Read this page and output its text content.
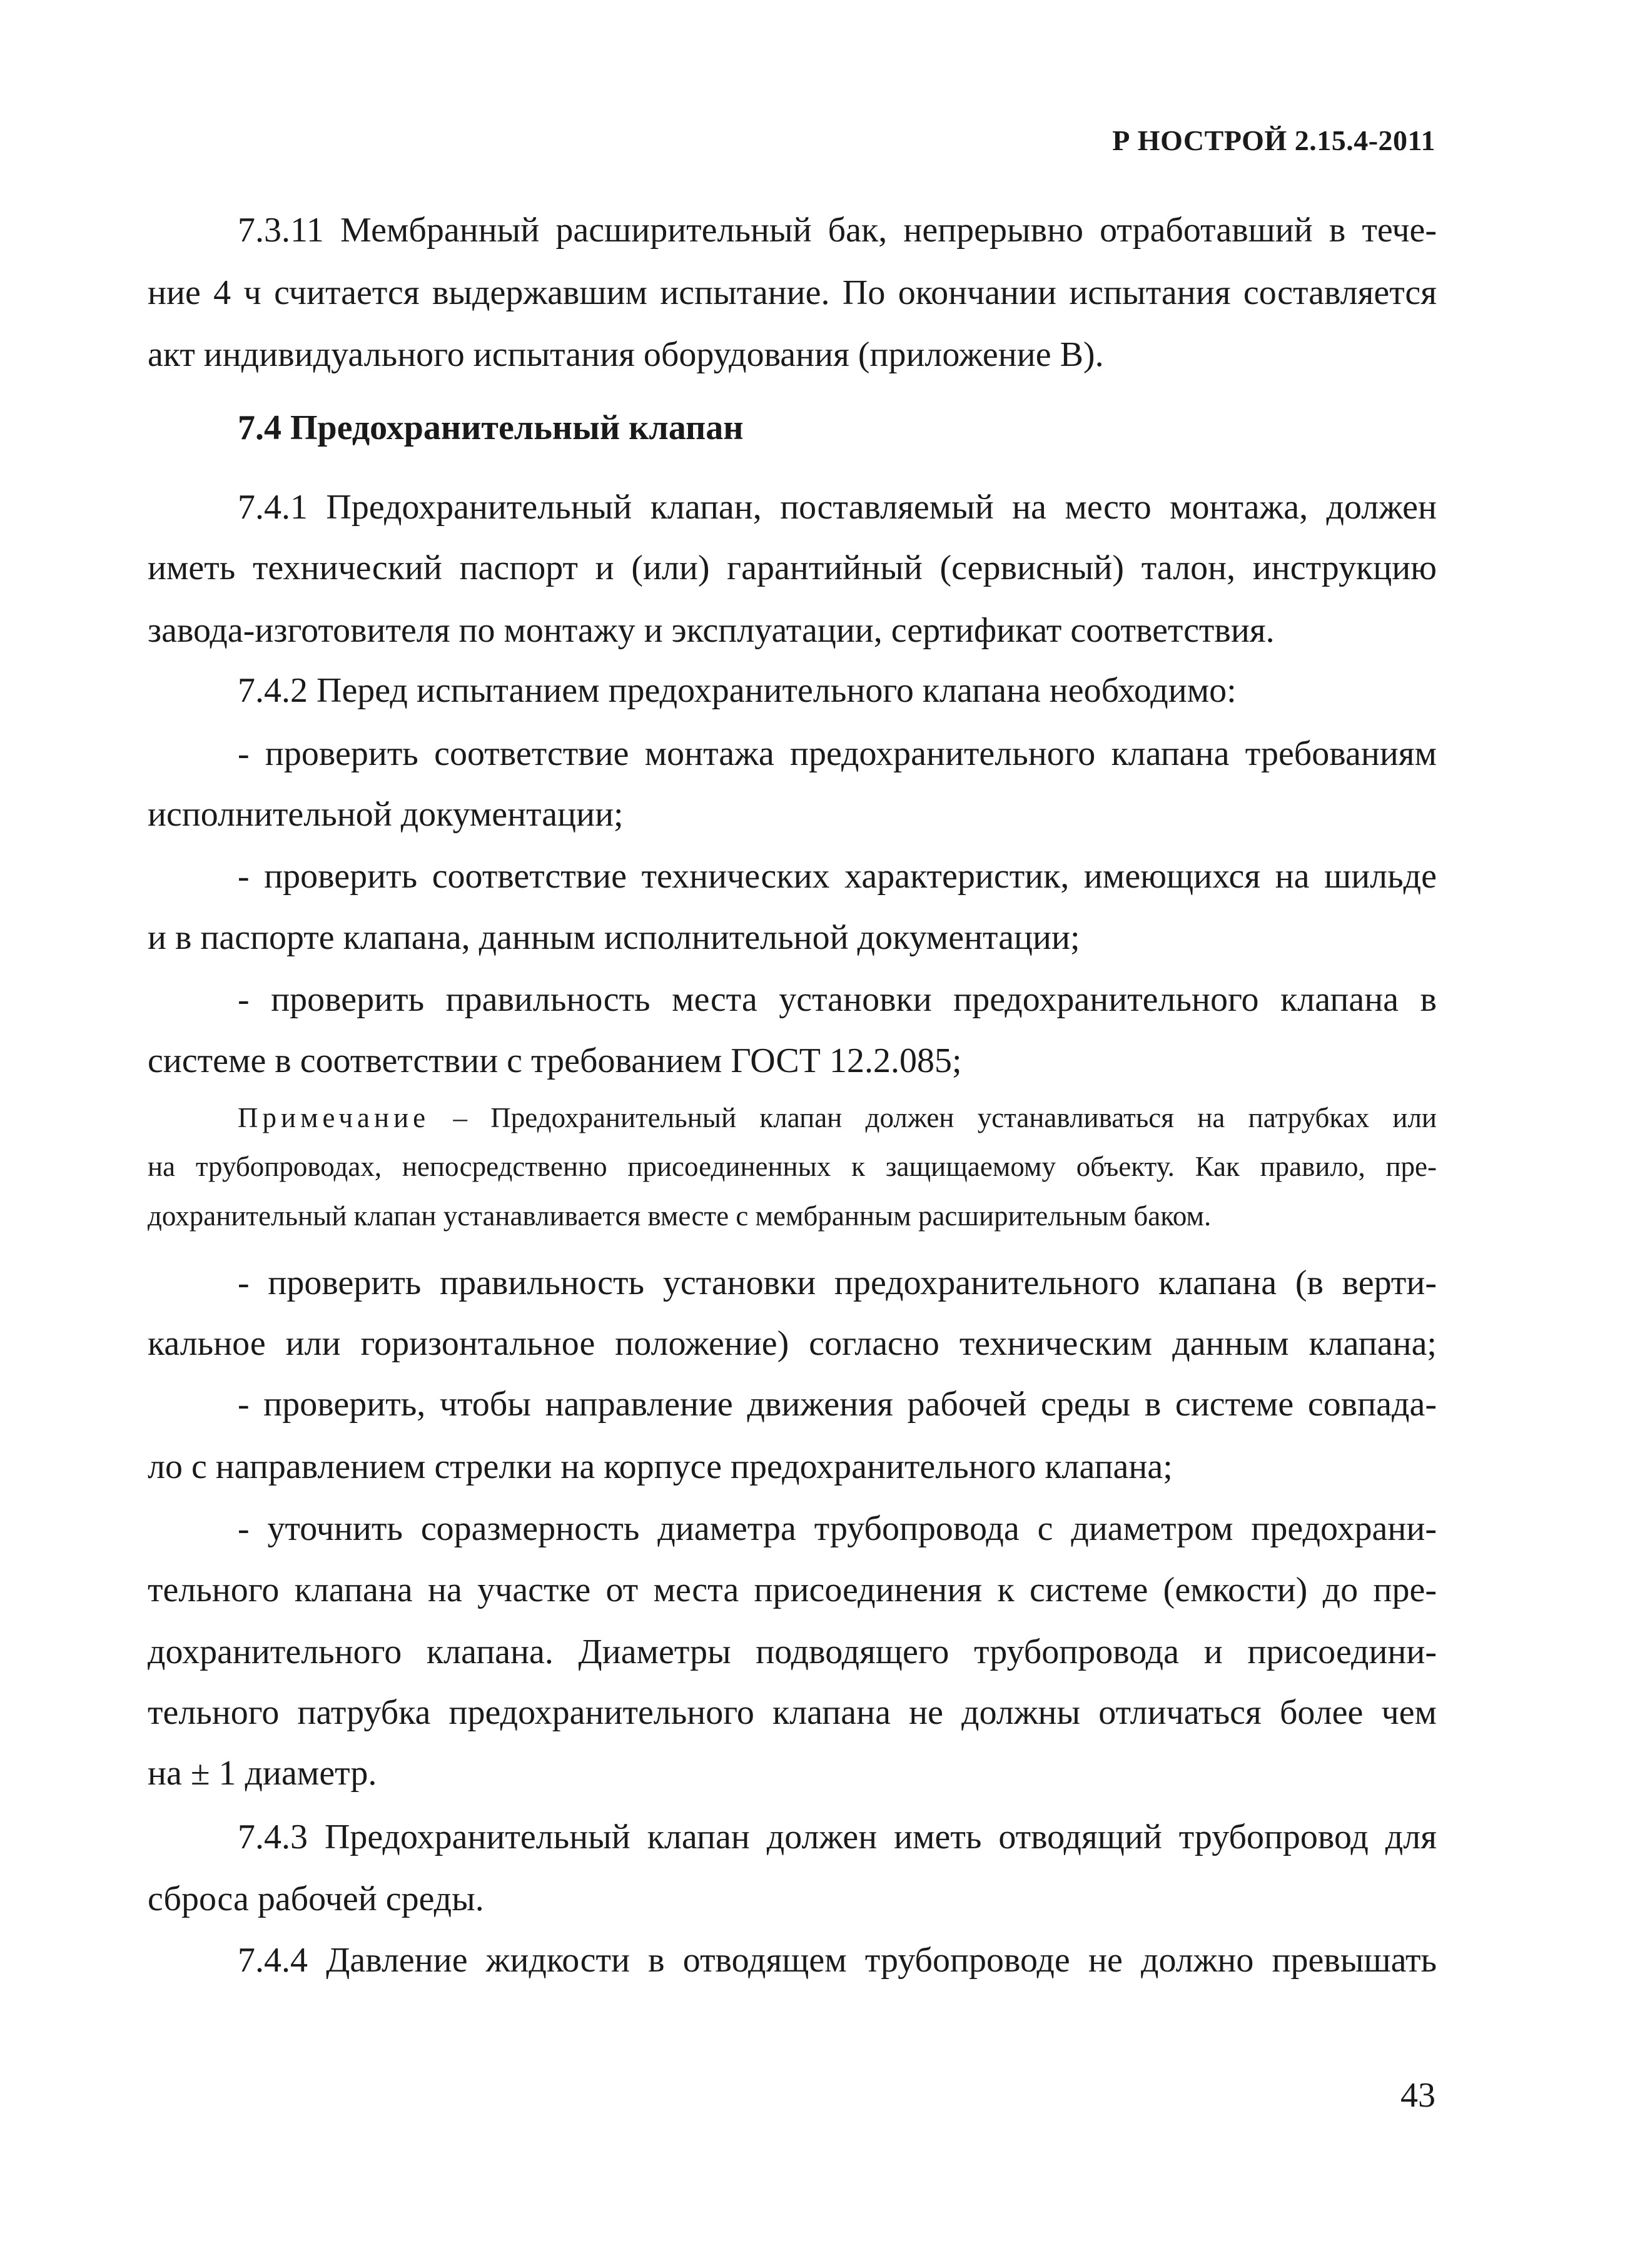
Р НОСТРОЙ 2.15.4-2011
7.3.11 Мембранный расширительный бак, непрерывно отработавший в тече-
ние 4 ч считается выдержавшим испытание. По окончании испытания составляется
акт индивидуального испытания оборудования (приложение В).
7.4 Предохранительный клапан
7.4.1 Предохранительный клапан, поставляемый на место монтажа, должен
иметь технический паспорт и (или) гарантийный (сервисный) талон, инструкцию
завода-изготовителя по монтажу и эксплуатации, сертификат соответствия.
7.4.2 Перед испытанием предохранительного клапана необходимо:
- проверить соответствие монтажа предохранительного клапана требованиям
исполнительной документации;
- проверить соответствие технических характеристик, имеющихся на шильде
и в паспорте клапана, данным исполнительной документации;
- проверить правильность места установки предохранительного клапана в
системе в соответствии с требованием ГОСТ 12.2.085;
Примечание – Предохранительный клапан должен устанавливаться на патрубках или
на трубопроводах, непосредственно присоединенных к защищаемому объекту. Как правило, пре-
дохранительный клапан устанавливается вместе с мембранным расширительным баком.
- проверить правильность установки предохранительного клапана (в верти-
кальное или горизонтальное положение) согласно техническим данным клапана;
- проверить, чтобы направление движения рабочей среды в системе совпада-
ло с направлением стрелки на корпусе предохранительного клапана;
- уточнить соразмерность диаметра трубопровода с диаметром предохрани-
тельного клапана на участке от места присоединения к системе (емкости) до пре-
дохранительного клапана. Диаметры подводящего трубопровода и присоедини-
тельного патрубка предохранительного клапана не должны отличаться более чем
на ± 1 диаметр.
7.4.3 Предохранительный клапан должен иметь отводящий трубопровод для
сброса рабочей среды.
7.4.4 Давление жидкости в отводящем трубопроводе не должно превышать
43
